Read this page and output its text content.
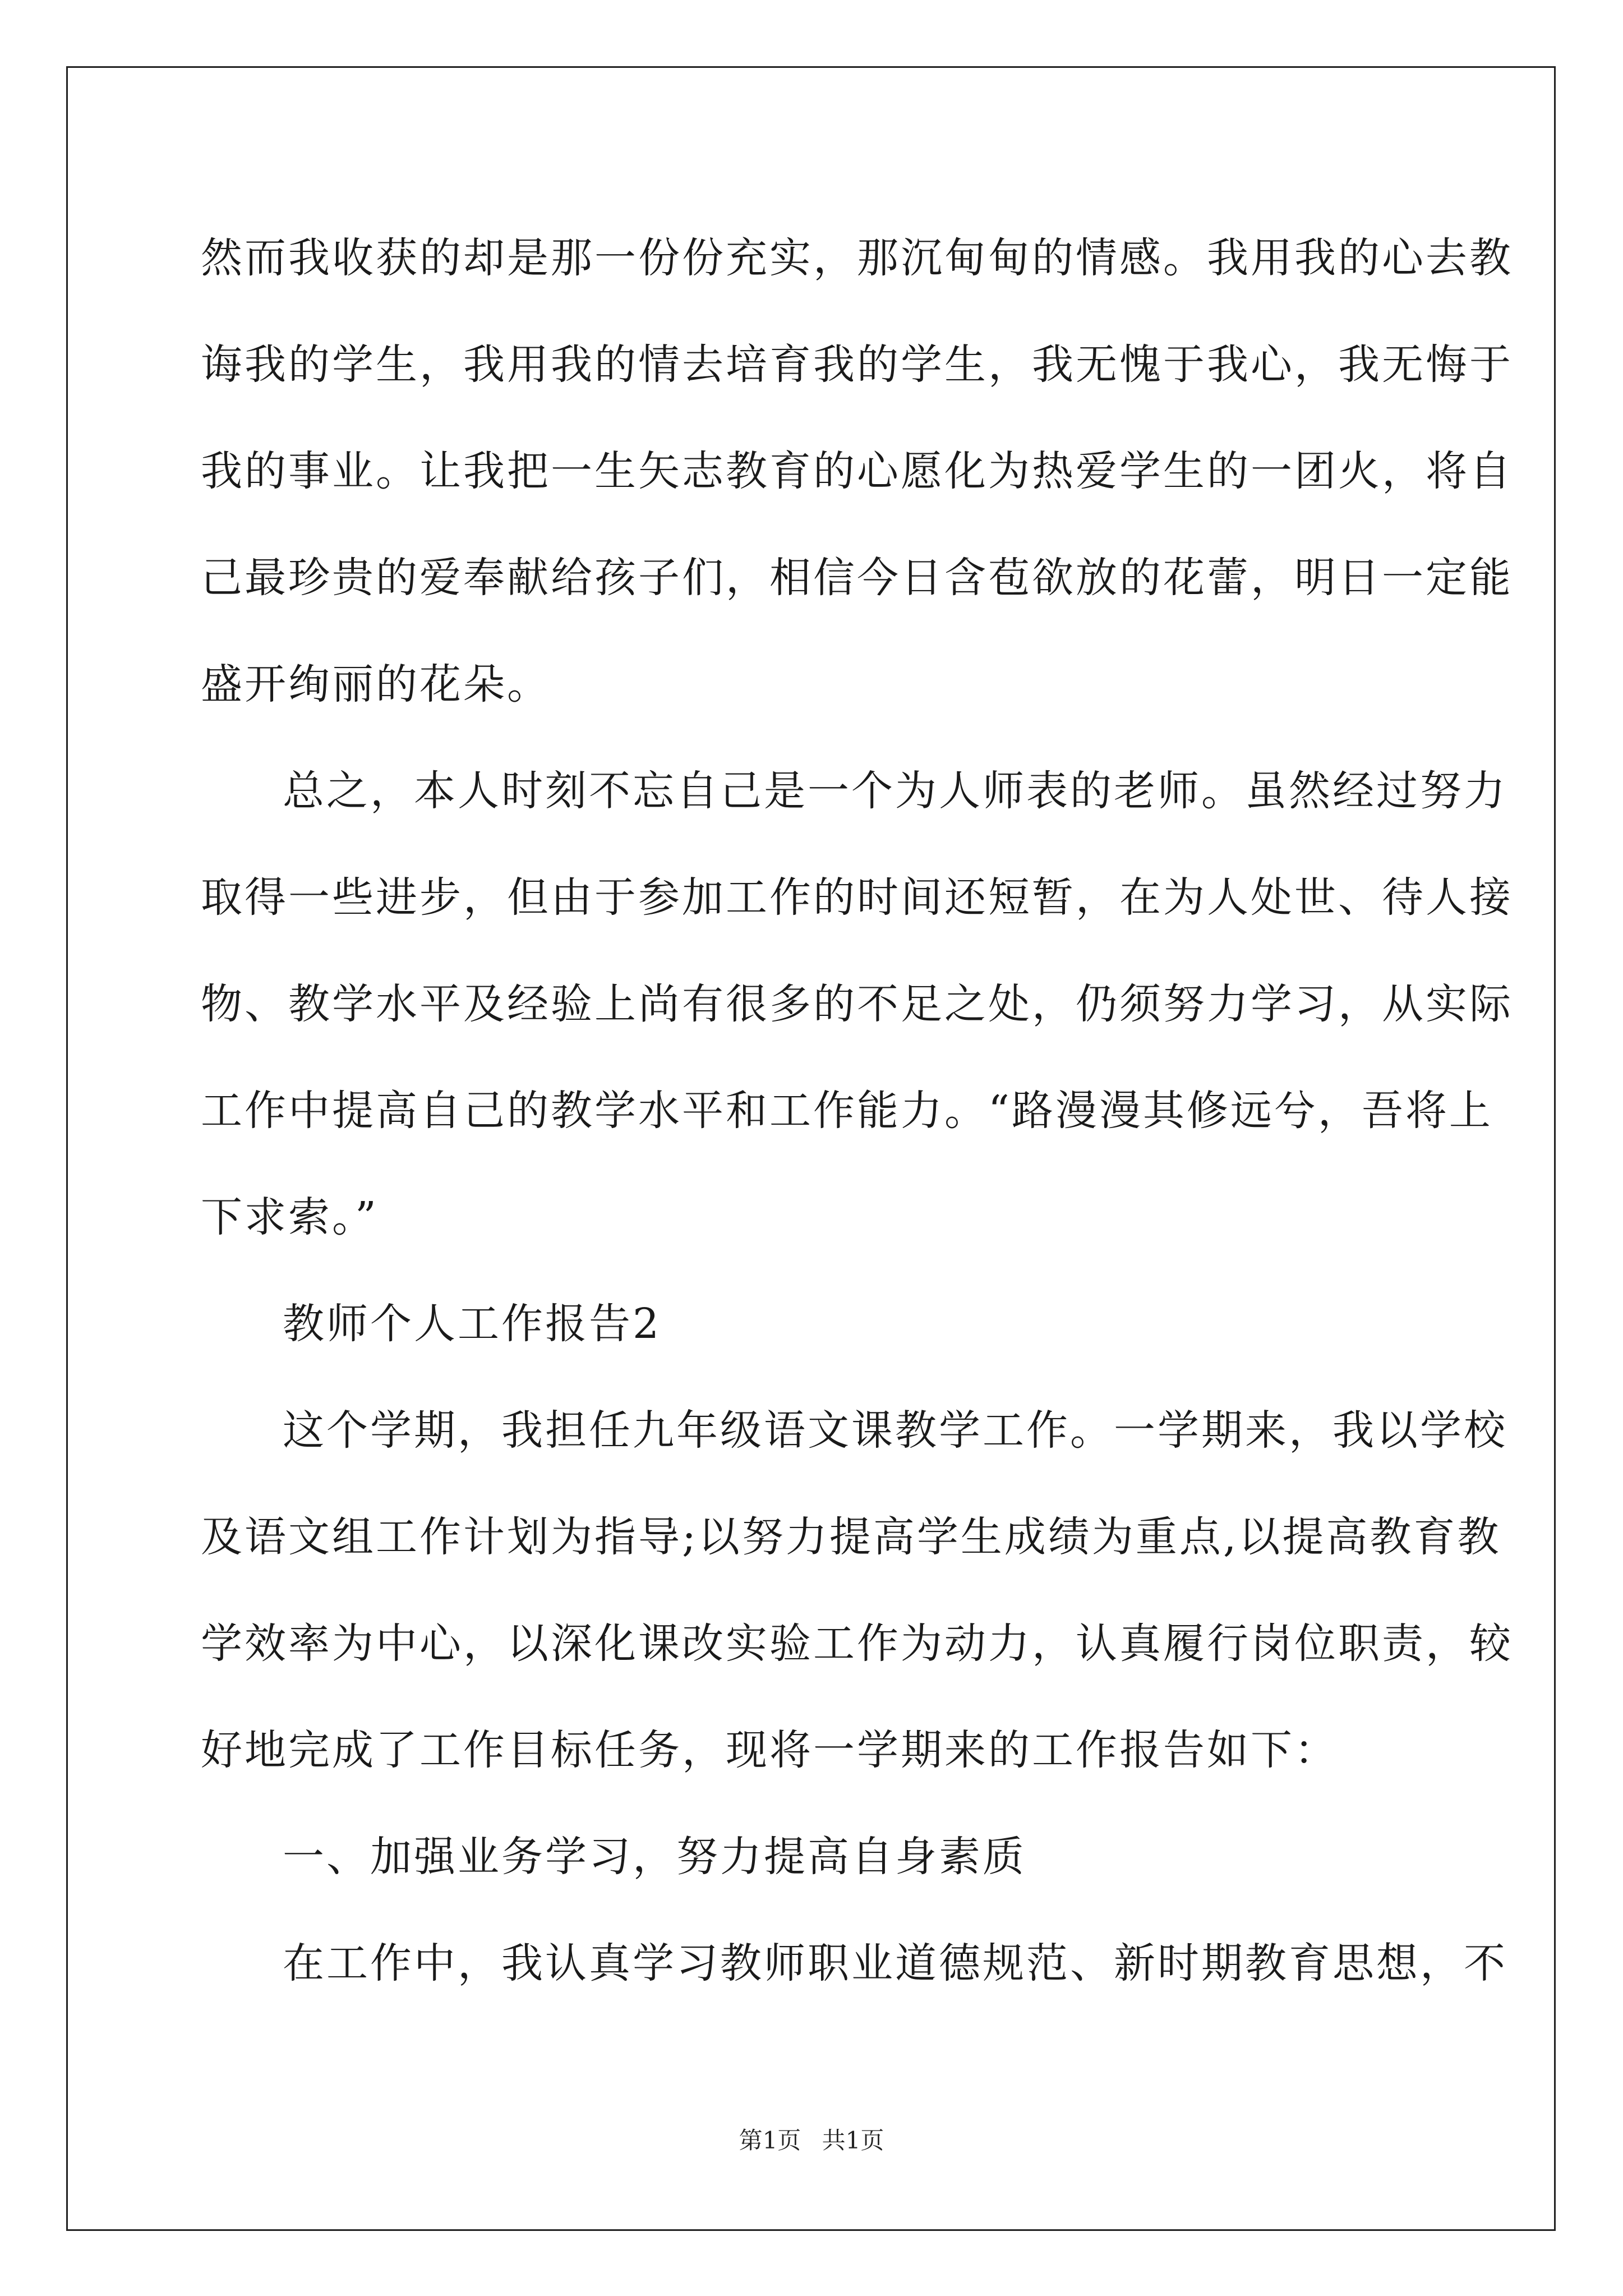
然而我收获的却是那一份份充实，那沉甸甸的情感。我用我的心去教
诲我的学生，我用我的情去培育我的学生，我无愧于我心，我无悔于
我的事业。让我把一生矢志教育的心愿化为热爱学生的一团火，将自
己最珍贵的爱奉献给孩子们，相信今日含苞欲放的花蕾，明日一定能
盛开绚丽的花朵。
总之，本人时刻不忘自己是一个为人师表的老师。虽然经过努力
取得一些进步，但由于参加工作的时间还短暂，在为人处世、待人接
物、教学水平及经验上尚有很多的不足之处，仍须努力学习，从实际
工作中提高自己的教学水平和工作能力。“路漫漫其修远兮，吾将上
下求索。”
教师个人工作报告2
这个学期，我担任九年级语文课教学工作。一学期来，我以学校
及语文组工作计划为指导;以努力提高学生成绩为重点,以提高教育教
学效率为中心，以深化课改实验工作为动力，认真履行岗位职责，较
好地完成了工作目标任务，现将一学期来的工作报告如下：
一、加强业务学习，努力提高自身素质
在工作中，我认真学习教师职业道德规范、新时期教育思想，不
第1页 共1页
